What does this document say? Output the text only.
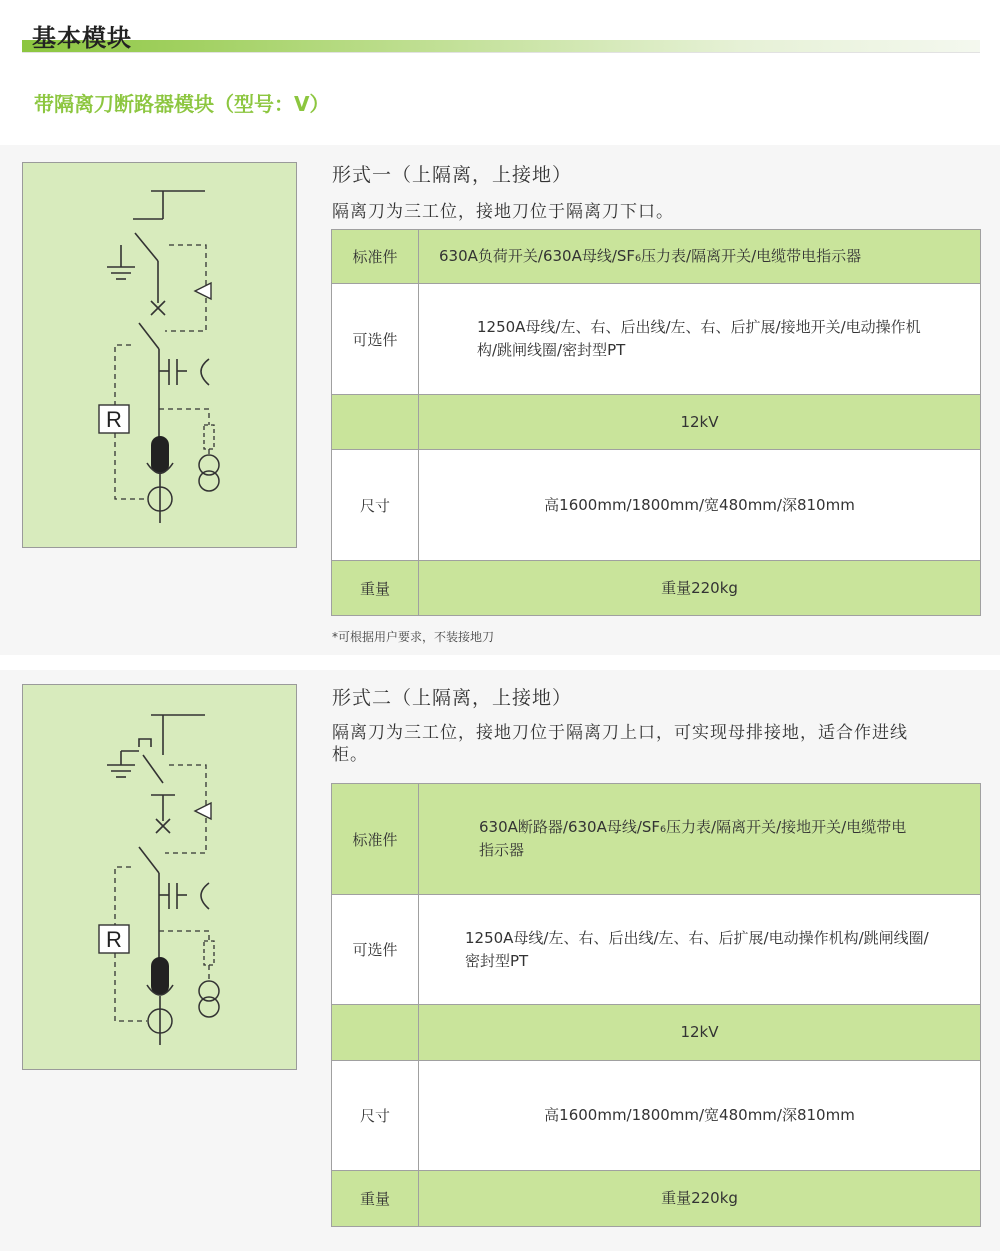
基本模块
带隔离刀断路器模块（型号：V）
R
形式一（上隔离，上接地）
隔离刀为三工位，接地刀位于隔离刀下口。
标准件	630A负荷开关/630A母线/SF₆压力表/隔离开关/电缆带电指示器
可选件	1250A母线/左、右、后出线/左、右、后扩展/接地开关/电动操作机构/跳闸线圈/密封型PT
	12kV
尺寸	高1600mm/1800mm/宽480mm/深810mm
重量	重量220kg
*可根据用户要求，不装接地刀
R
形式二（上隔离，上接地）
隔离刀为三工位，接地刀位于隔离刀上口，可实现母排接地，适合作进线柜。
标准件	630A断路器/630A母线/SF₆压力表/隔离开关/接地开关/电缆带电指示器
可选件	1250A母线/左、右、后出线/左、右、后扩展/电动操作机构/跳闸线圈/密封型PT
	12kV
尺寸	高1600mm/1800mm/宽480mm/深810mm
重量	重量220kg
